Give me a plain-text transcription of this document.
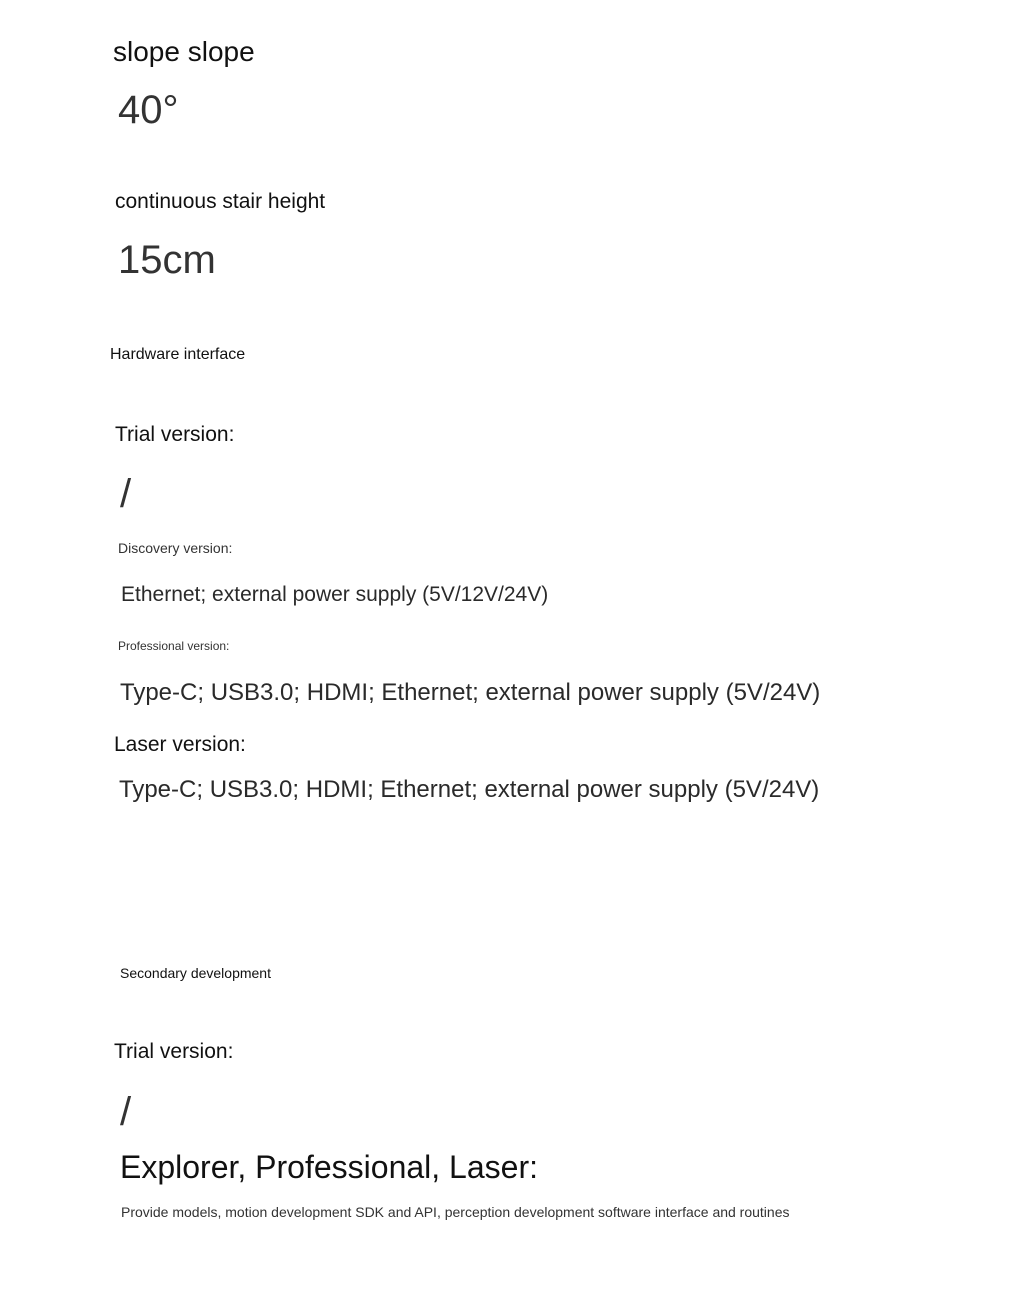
slope slope
40°
continuous stair height
15cm
Hardware interface
Trial version:
/
Discovery version:
Ethernet; external power supply (5V/12V/24V)
Professional version:
Type-C; USB3.0; HDMI; Ethernet; external power supply (5V/24V)
Laser version:
Type-C; USB3.0; HDMI; Ethernet; external power supply (5V/24V)
Secondary development
Trial version:
/
Explorer, Professional, Laser:
Provide models, motion development SDK and API, perception development software interface and routines
